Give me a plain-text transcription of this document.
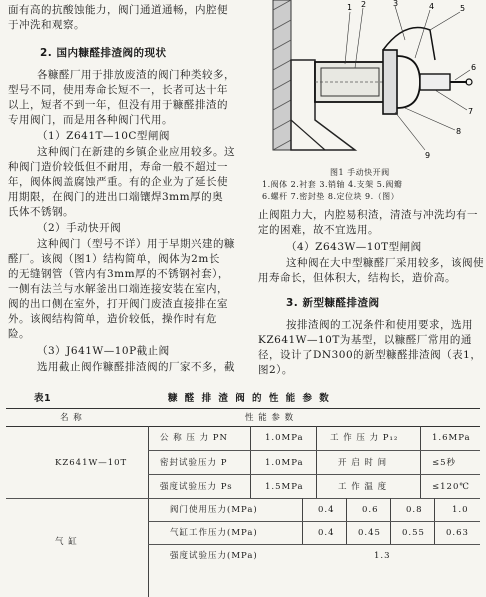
面有高的抗酸蚀能力，阀门通道通畅，内腔便
于冲洗和观察。
2. 国内糠醛排渣阀的现状
各糠醛厂用于排放废渣的阀门种类较多，
型号不同，使用寿命长短不一，长者可达十年
以上，短者不到一年，但没有用于糠醛排渣的
专用阀门，而是用各种阀门代用。
（1）Z641T—10C型闸阀
这种阀门在新建的乡镇企业应用较多。这
种阀门造价较低但不耐用，寿命一般不超过一
年，阀体阀盖腐蚀严重。有的企业为了延长使
用期限，在阀门的进出口端镶焊3mm厚的奥
氏体不锈钢。
（2）手动快开阀
这种阀门（型号不详）用于早期兴建的糠
醛厂。该阀（图1）结构简单，阀体为2m长
的无缝钢管（管内有3mm厚的不锈钢衬套），
一侧有法兰与水解釜出口端连接安装在室内，
阀的出口侧在室外，打开阀门废渣直接排在室
外。该阀结构简单，造价较低，操作时有危
险。
（3）J641W—10P截止阀
选用截止阀作糠醛排渣阀的厂家不多，截
1 2	3	4	5
6
7
8
9
图1 手动快开阀
1.阀体 2.衬套 3.销轴 4.支架 5.阀瓣
6.螺杆 7.密封垫 8.定位块 9.（图）
止阀阻力大，内腔易积渣，清渣与冲洗均有一
定的困难，故不宜选用。
（4）Z643W—10T型闸阀
这种阀在大中型糠醛厂采用较多，该阀使
用寿命长，但体积大，结构长，造价高。
3. 新型糠醛排渣阀
按排渣阀的工况条件和使用要求，选用
KZ641W—10T为基型，以糠醛厂常用的通
径，设计了DN300的新型糠醛排渣阀（表1，
图2）。
表1	糠 醛 排 渣 阀 的 性 能 参 数
名 称	性 能 参 数
KZ641W—10T
公 称 压 力 PN	1.0MPa	工 作 压 力 P₁₂	1.6MPa
密封试验压力 P	1.0MPa	开 启 时 间	≤5秒
强度试验压力 Ps	1.5MPa	工 作 温 度	≤120℃
气 缸
阀门使用压力(MPa)	0.4	0.6	0.8	1.0
气缸工作压力(MPa)	0.4	0.45 0.55 0.63
强度试验压力(MPa)	1.3
